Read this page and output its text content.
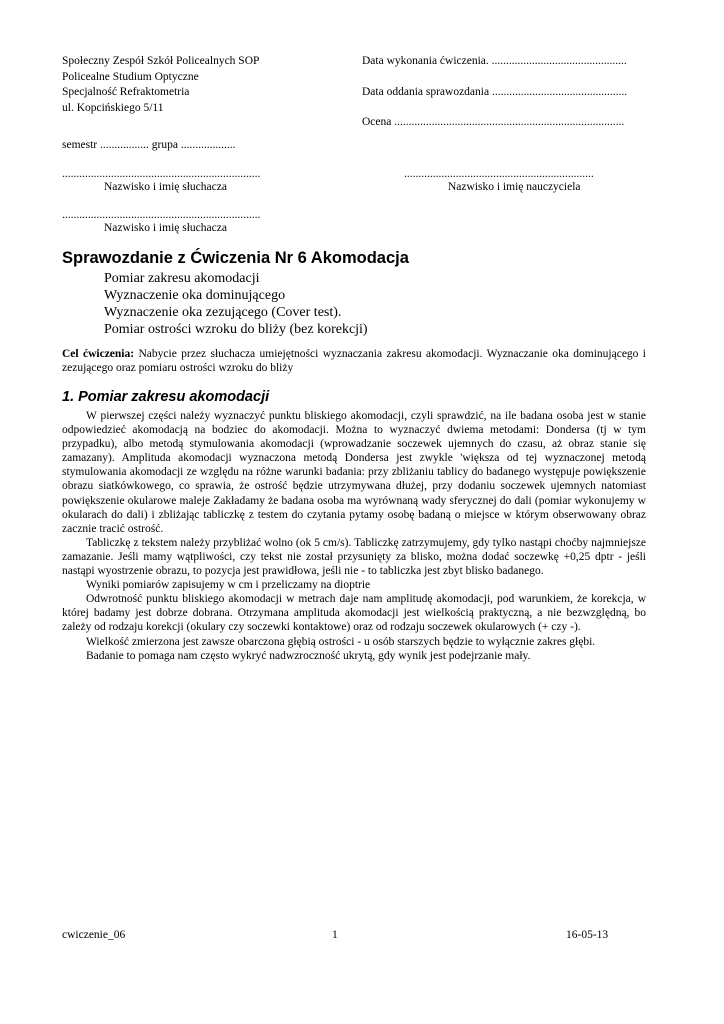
Społeczny Zespół Szkół Policealnych SOP
Policealne Studium Optyczne
Specjalność Refraktometria
ul. Kopcińskiego 5/11
Data wykonania ćwiczenia. ...............................................
Data oddania sprawozdania ...............................................
Ocena ................................................................................
semestr ................. grupa ...................
.....................................................................
Nazwisko i imię słuchacza
..................................................................
Nazwisko i imię nauczyciela
.....................................................................
Nazwisko i imię słuchacza
Sprawozdanie z Ćwiczenia Nr 6 Akomodacja
Pomiar zakresu akomodacji
Wyznaczenie oka dominującego
Wyznaczenie oka zezującego (Cover test).
Pomiar ostrości wzroku do bliży (bez korekcji)
Cel ćwiczenia: Nabycie przez słuchacza umiejętności wyznaczania zakresu akomodacji. Wyznaczanie oka dominującego i zezującego oraz pomiaru ostrości wzroku do bliży
1. Pomiar zakresu akomodacji

W pierwszej części należy wyznaczyć punktu bliskiego akomodacji, czyli sprawdzić, na ile badana osoba jest w stanie odpowiedzieć akomodacją na bodziec do akomodacji. Można to wyznaczyć dwiema metodami: Dondersa (tj w tym przypadku), albo metodą stymulowania akomodacji (wprowadzanie soczewek ujemnych do czasu, aż obraz stanie się zamazany). Amplituda akomodacji wyznaczona metodą Dondersa jest zwykle 'większa od tej wyznaczonej metodą stymulowania akomodacji ze względu na różne warunki badania: przy zbliżaniu tablicy do badanego występuje powiększenie obrazu siatkówkowego, co sprawia, że ostrość będzie utrzymywana dłużej, przy dodaniu soczewek ujemnych natomiast powiększenie okularowe maleje Zakładamy że badana osoba ma wyrównaną wady sferycznej do dali (pomiar wykonujemy w okularach do dali) i zbliżając tabliczkę z testem do czytania pytamy osobę badaną o miejsce w którym obserwowany obraz zacznie tracić ostrość.

Tabliczkę z tekstem należy przybliżać wolno (ok 5 cm/s). Tabliczkę zatrzymujemy, gdy tylko nastąpi choćby najmniejsze zamazanie. Jeśli mamy wątpliwości, czy tekst nie został przysunięty za blisko, można dodać soczewkę +0,25 dptr - jeśli nastąpi wyostrzenie obrazu, to pozycja jest prawidłowa, jeśli nie - to tabliczka jest zbyt blisko badanego.

Wyniki pomiarów zapisujemy w cm i przeliczamy na dioptrie

Odwrotność punktu bliskiego akomodacji w metrach daje nam amplitudę akomodacji, pod warunkiem, że korekcja, w której badamy jest dobrze dobrana. Otrzymana amplituda akomodacji jest wielkością praktyczną, a nie bezwzględną, bo zależy od rodzaju korekcji (okulary czy soczewki kontaktowe) oraz od rodzaju soczewek okularowych (+ czy -).

Wielkość zmierzona jest zawsze obarczona głębią ostrości - u osób starszych będzie to wyłącznie zakres głębi.

Badanie to pomaga nam często wykryć nadwzroczność ukrytą, gdy wynik jest podejrzanie mały.

cwiczenie_06	1	16-05-13
